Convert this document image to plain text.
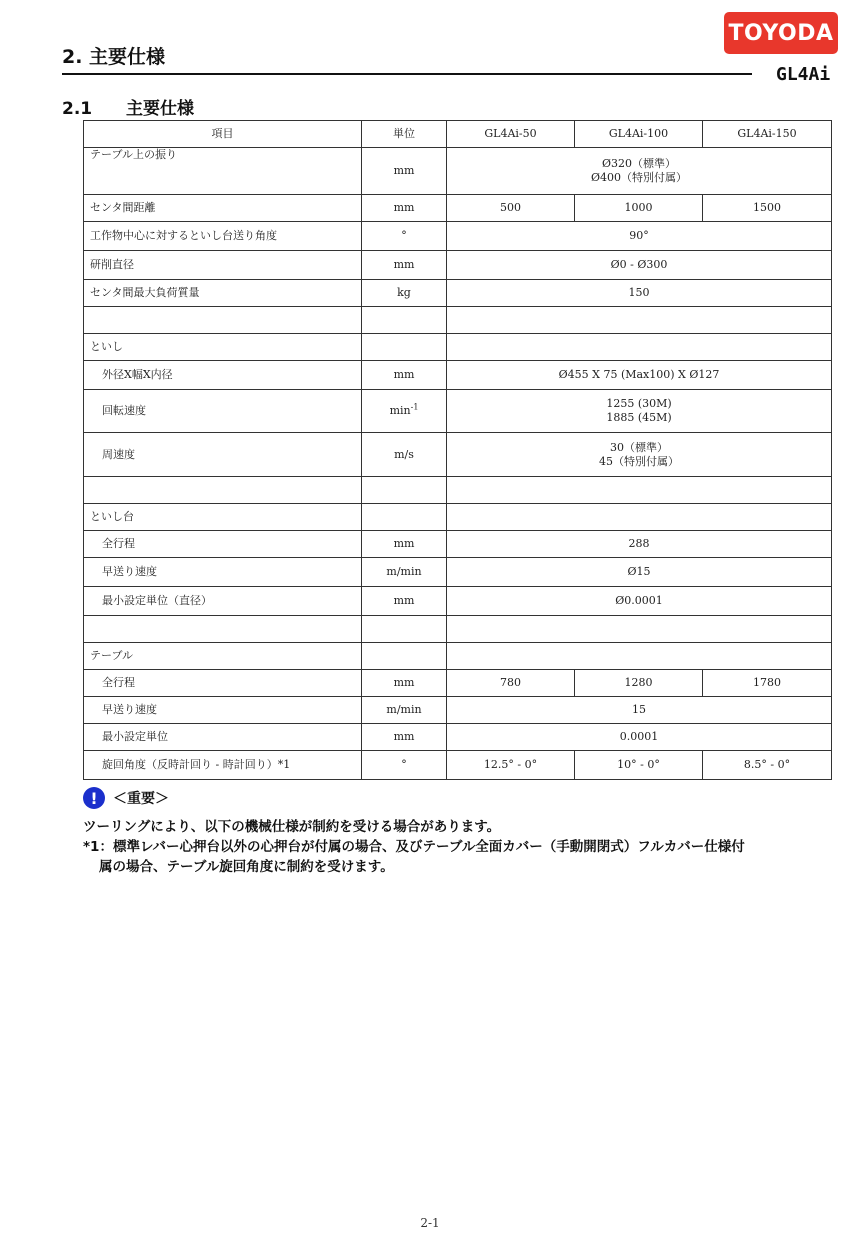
TOYODA
2. 主要仕様
GL4Ai
2.1 主要仕様
項目	単位	GL4Ai-50	GL4Ai-100	GL4Ai-150
テーブル上の振り	mm	Ø320（標準）
Ø400（特別付属）		

センタ間距離	mm	500	1000	1500
工作物中心に対するといし台送り角度	°	90°		
研削直径	mm	Ø0 - Ø300		
センタ間最大負荷質量	kg	150		

といし				
外径X幅X内径	mm	Ø455 X 75 (Max100) X Ø127		
回転速度	$\min^{-1}$	1255 (30M)
1885 (45M)		

周速度	m/s	30（標準）
45（特別付属）		

といし台				
全行程	mm	288		
早送り速度	m/min	Ø15		
最小設定単位（直径）	mm	Ø0.0001		

テーブル				
全行程	mm	780	1280	1780
早送り速度	m/min	15		
最小設定単位	mm	0.0001		
旋回角度（反時計回り - 時計回り）*1	°	12.5° - 0°	10° - 0°	8.5° - 0°
!	＜重要＞
ツーリングにより、以下の機械仕様が制約を受ける場合があります。
*1：標準レバー心押台以外の心押台が付属の場合、及びテーブル全面カバー（手動開閉式）フルカバー仕様付
属の場合、テーブル旋回角度に制約を受けます。
2-1
